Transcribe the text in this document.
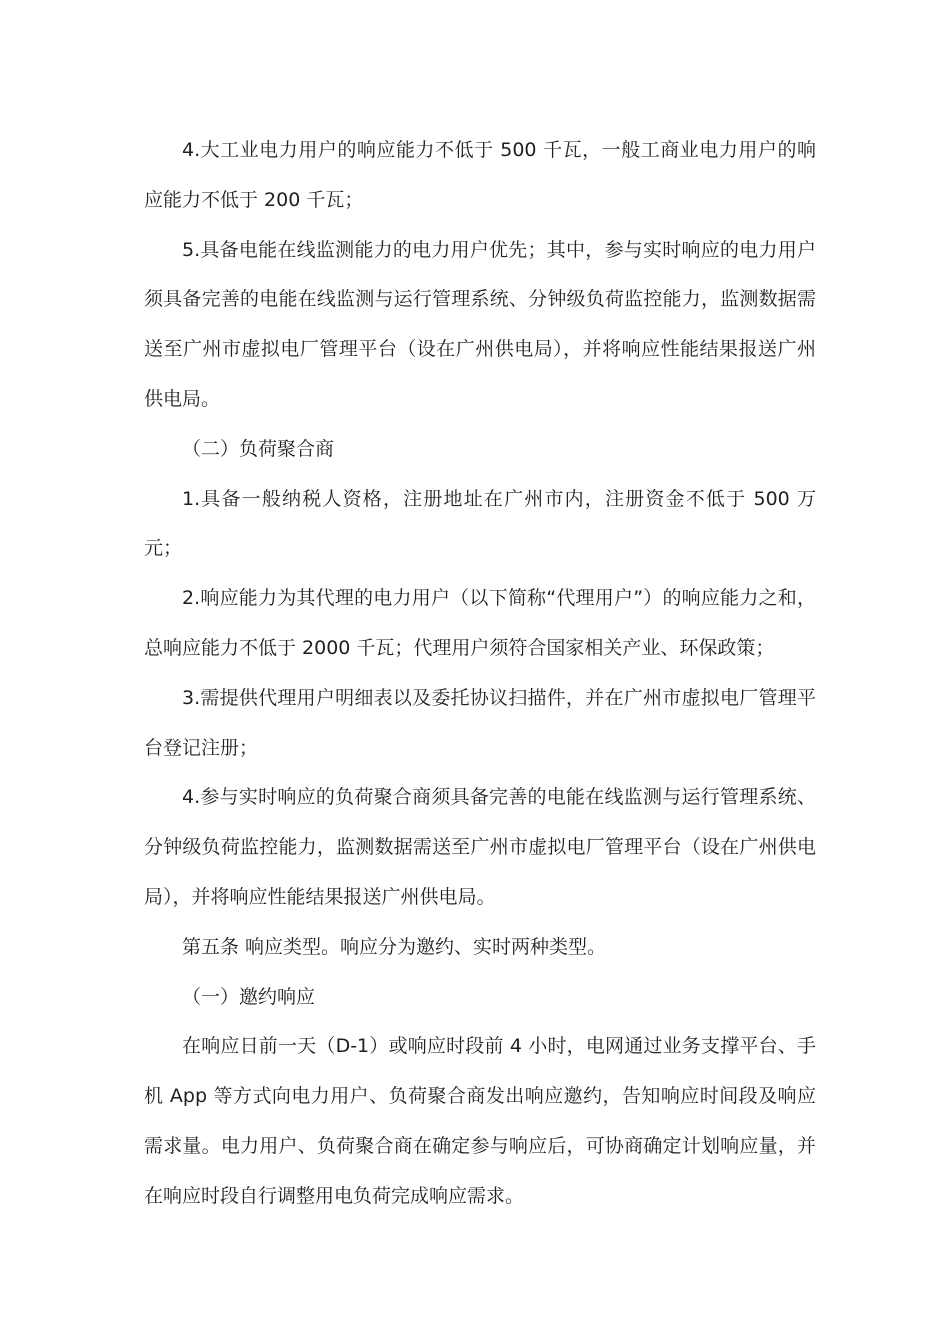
4.大工业电力用户的响应能力不低于 500 千瓦，一般工商业电力用户的响应能力不低于 200 千瓦；

5.具备电能在线监测能力的电力用户优先；其中，参与实时响应的电力用户须具备完善的电能在线监测与运行管理系统、分钟级负荷监控能力，监测数据需送至广州市虚拟电厂管理平台（设在广州供电局），并将响应性能结果报送广州供电局。

（二）负荷聚合商

1.具备一般纳税人资格，注册地址在广州市内，注册资金不低于 500 万元；

2.响应能力为其代理的电力用户（以下简称“代理用户”）的响应能力之和，总响应能力不低于 2000 千瓦；代理用户须符合国家相关产业、环保政策；

3.需提供代理用户明细表以及委托协议扫描件，并在广州市虚拟电厂管理平台登记注册；

4.参与实时响应的负荷聚合商须具备完善的电能在线监测与运行管理系统、分钟级负荷监控能力，监测数据需送至广州市虚拟电厂管理平台（设在广州供电局），并将响应性能结果报送广州供电局。

第五条 响应类型。响应分为邀约、实时两种类型。

（一）邀约响应

在响应日前一天（D-1）或响应时段前 4 小时，电网通过业务支撑平台、手机 App 等方式向电力用户、负荷聚合商发出响应邀约，告知响应时间段及响应需求量。电力用户、负荷聚合商在确定参与响应后，可协商确定计划响应量，并在响应时段自行调整用电负荷完成响应需求。
